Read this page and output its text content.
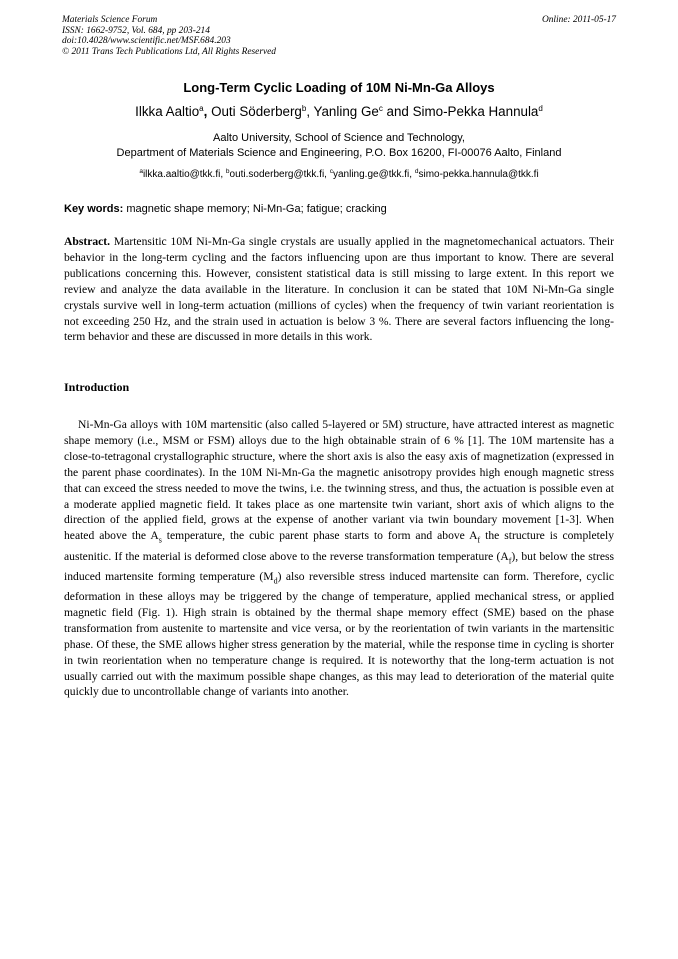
Materials Science Forum
ISSN: 1662-9752, Vol. 684, pp 203-214
doi:10.4028/www.scientific.net/MSF.684.203
© 2011 Trans Tech Publications Ltd, All Rights Reserved
Online: 2011-05-17
Long-Term Cyclic Loading of 10M Ni-Mn-Ga Alloys
Ilkka Aaltio$^a$, Outi Söderberg$^b$, Yanling Ge$^c$ and Simo-Pekka Hannula$^d$
Aalto University, School of Science and Technology,
Department of Materials Science and Engineering, P.O. Box 16200, FI-00076 Aalto, Finland
$^a$ilkka.aaltio@tkk.fi, $^b$outi.soderberg@tkk.fi, $^c$yanling.ge@tkk.fi, $^d$simo-pekka.hannula@tkk.fi
Key words: magnetic shape memory; Ni-Mn-Ga; fatigue; cracking
Abstract. Martensitic 10M Ni-Mn-Ga single crystals are usually applied in the magnetomechanical actuators. Their behavior in the long-term cycling and the factors influencing upon are thus important to know. There are several publications concerning this. However, consistent statistical data is still missing to large extent. In this report we review and analyze the data available in the literature. In conclusion it can be stated that 10M Ni-Mn-Ga single crystals survive well in long-term actuation (millions of cycles) when the frequency of twin variant reorientation is not exceeding 250 Hz, and the strain used in actuation is below 3 %. There are several factors influencing the long-term behavior and these are discussed in more details in this work.
Introduction
Ni-Mn-Ga alloys with 10M martensitic (also called 5-layered or 5M) structure, have attracted interest as magnetic shape memory (i.e., MSM or FSM) alloys due to the high obtainable strain of 6 % [1]. The 10M martensite has a close-to-tetragonal crystallographic structure, where the short axis is also the easy axis of magnetization (expressed in the parent phase coordinates). In the 10M Ni-Mn-Ga the magnetic anisotropy provides high enough magnetic stress that can exceed the stress needed to move the twins, i.e. the twinning stress, and thus, the actuation is possible even at a moderate applied magnetic field. It takes place as one martensite twin variant, short axis of which aligns to the direction of the applied field, grows at the expense of another variant via twin boundary movement [1-3]. When heated above the $A_s$ temperature, the cubic parent phase starts to form and above $A_f$ the structure is completely austenitic. If the material is deformed close above to the reverse transformation temperature $(A_f)$, but below the stress induced martensite forming temperature $(M_d)$ also reversible stress induced martensite can form. Therefore, cyclic deformation in these alloys may be triggered by the change of temperature, applied mechanical stress, or applied magnetic field (Fig. 1). High strain is obtained by the thermal shape memory effect (SME) based on the phase transformation from austenite to martensite and vice versa, or by the reorientation of twin variants in the martensitic phase. Of these, the SME allows higher stress generation by the material, while the response time in cycling is shorter in twin reorientation when no temperature change is required. It is noteworthy that the long-term actuation is not usually carried out with the maximum possible shape changes, as this may lead to deterioration of the material quite quickly due to uncontrollable change of variants into another.
